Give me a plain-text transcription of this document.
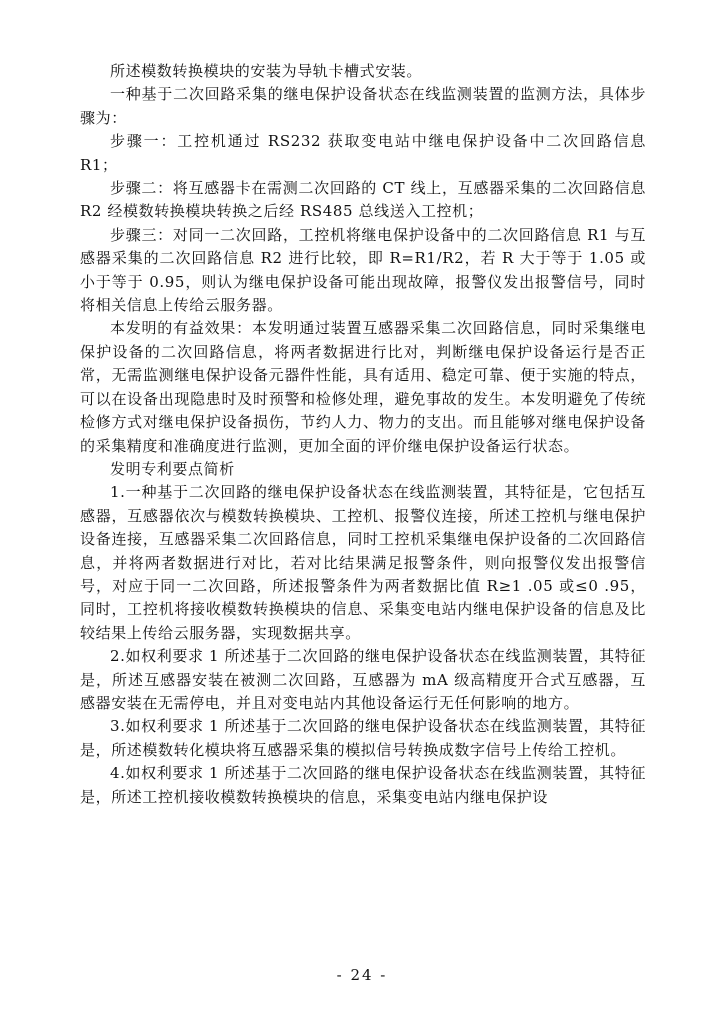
所述模数转换模块的安装为导轨卡槽式安装。

一种基于二次回路采集的继电保护设备状态在线监测装置的监测方法，具体步骤为：

步骤一：工控机通过 RS232 获取变电站中继电保护设备中二次回路信息 R1；

步骤二：将互感器卡在需测二次回路的 CT 线上，互感器采集的二次回路信息 R2 经模数转换模块转换之后经 RS485 总线送入工控机；

步骤三：对同一二次回路，工控机将继电保护设备中的二次回路信息 R1 与互感器采集的二次回路信息 R2 进行比较，即 R=R1/R2，若 R 大于等于 1.05 或小于等于 0.95，则认为继电保护设备可能出现故障，报警仪发出报警信号，同时将相关信息上传给云服务器。

本发明的有益效果：本发明通过装置互感器采集二次回路信息，同时采集继电保护设备的二次回路信息，将两者数据进行比对，判断继电保护设备运行是否正常，无需监测继电保护设备元器件性能，具有适用、稳定可靠、便于实施的特点，可以在设备出现隐患时及时预警和检修处理，避免事故的发生。本发明避免了传统检修方式对继电保护设备损伤，节约人力、物力的支出。而且能够对继电保护设备的采集精度和准确度进行监测，更加全面的评价继电保护设备运行状态。

发明专利要点简析

1.一种基于二次回路的继电保护设备状态在线监测装置，其特征是，它包括互感器，互感器依次与模数转换模块、工控机、报警仪连接，所述工控机与继电保护设备连接，互感器采集二次回路信息，同时工控机采集继电保护设备的二次回路信息，并将两者数据进行对比，若对比结果满足报警条件，则向报警仪发出报警信号，对应于同一二次回路，所述报警条件为两者数据比值 R≥1 .05 或≤0 .95，同时，工控机将接收模数转换模块的信息、采集变电站内继电保护设备的信息及比较结果上传给云服务器，实现数据共享。

2.如权利要求 1 所述基于二次回路的继电保护设备状态在线监测装置，其特征是，所述互感器安装在被测二次回路，互感器为 mA 级高精度开合式互感器，互感器安装在无需停电，并且对变电站内其他设备运行无任何影响的地方。

3.如权利要求 1 所述基于二次回路的继电保护设备状态在线监测装置，其特征是，所述模数转化模块将互感器采集的模拟信号转换成数字信号上传给工控机。

4.如权利要求 1 所述基于二次回路的继电保护设备状态在线监测装置，其特征是，所述工控机接收模数转换模块的信息，采集变电站内继电保护设

- 24 -
